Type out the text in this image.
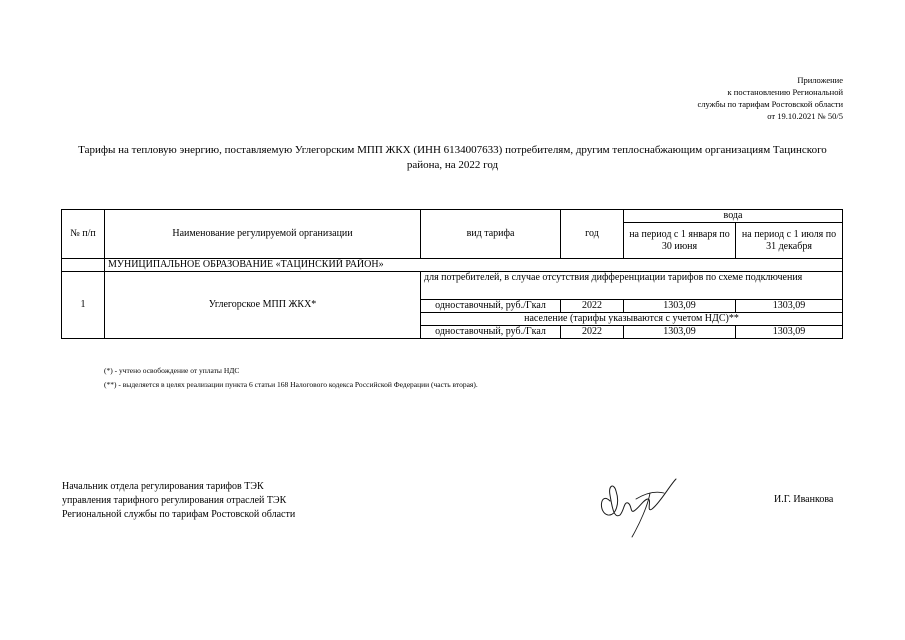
Приложение
к постановлению Региональной
службы по тарифам Ростовской области
от 19.10.2021 № 50/5
Тарифы на тепловую энергию, поставляемую Углегорским МПП ЖКХ (ИНН 6134007633) потребителям, другим теплоснабжающим организациям Тацинского
района, на 2022 год
№ п/п	Наименование регулируемой организации	вид тарифа	год	вода	
				на период с 1 января по 30 июня	на период с 1 июля по 31 декабря
	МУНИЦИПАЛЬНОЕ ОБРАЗОВАНИЕ «ТАЦИНСКИЙ РАЙОН»				
1	Углегорское МПП ЖКХ*	для потребителей, в случае отсутствия дифференциации тарифов по схеме подключения			
		одноставочный, руб./Гкал	2022	1303,09	1303,09
		население (тарифы указываются с учетом НДС)**			
		одноставочный, руб./Гкал	2022	1303,09	1303,09
(*) - учтено освобождение от уплаты НДС
(**) - выделяется в целях реализации пункта 6 статьи 168 Налогового кодекса Российской Федерации (часть вторая).
Начальник отдела регулирования тарифов ТЭК
управления тарифного регулирования отраслей ТЭК
Региональной службы по тарифам Ростовской области
И.Г. Иванкова
